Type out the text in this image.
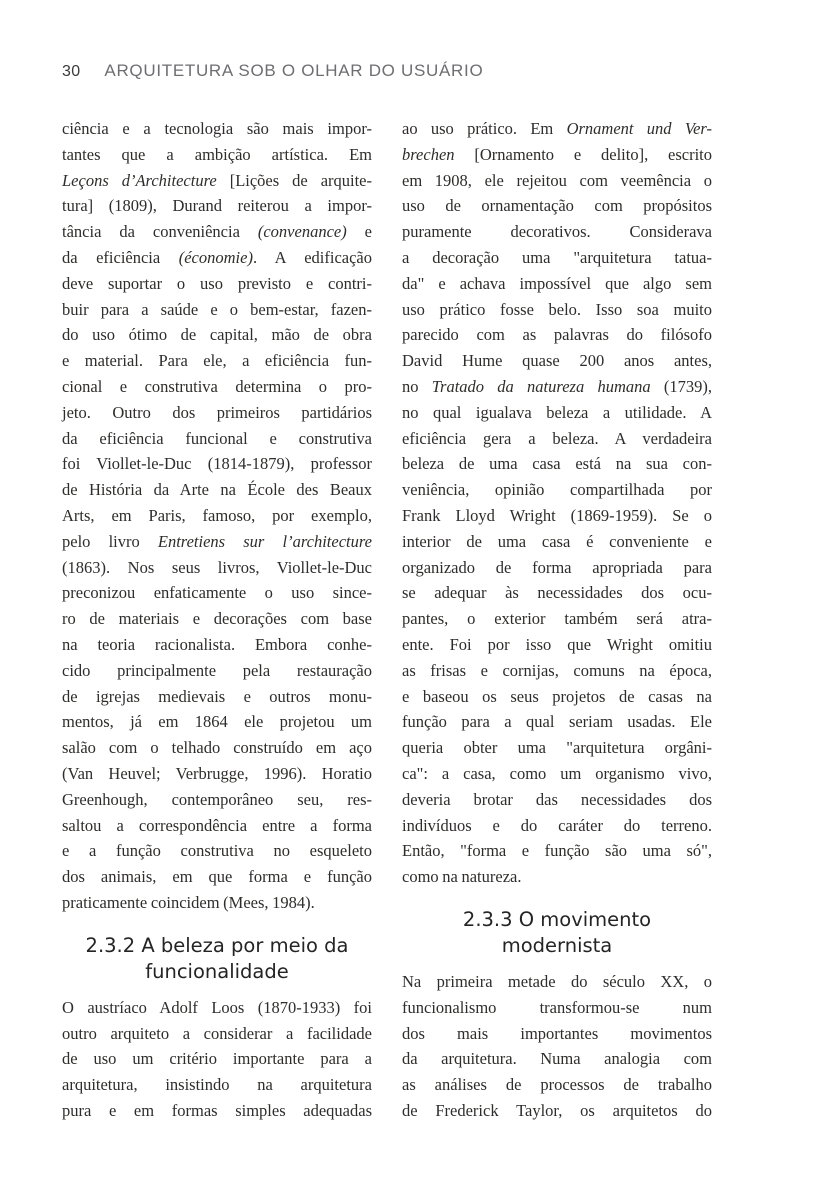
30 ARQUITETURA SOB O OLHAR DO USUÁRIO
ciência e a tecnologia são mais impor-
tantes que a ambição artística. Em
Leçons d’Architecture [Lições de arquite-
tura] (1809), Durand reiterou a impor-
tância da conveniência (convenance) e
da eficiência (économie). A edificação
deve suportar o uso previsto e contri-
buir para a saúde e o bem-estar, fazen-
do uso ótimo de capital, mão de obra
e material. Para ele, a eficiência fun-
cional e construtiva determina o pro-
jeto. Outro dos primeiros partidários
da eficiência funcional e construtiva
foi Viollet-le-Duc (1814-1879), professor
de História da Arte na École des Beaux
Arts, em Paris, famoso, por exemplo,
pelo livro Entretiens sur l’architecture
(1863). Nos seus livros, Viollet-le-Duc
preconizou enfaticamente o uso since-
ro de materiais e decorações com base
na teoria racionalista. Embora conhe-
cido principalmente pela restauração
de igrejas medievais e outros monu-
mentos, já em 1864 ele projetou um
salão com o telhado construído em aço
(Van Heuvel; Verbrugge, 1996). Horatio
Greenhough, contemporâneo seu, res-
saltou a correspondência entre a forma
e a função construtiva no esqueleto
dos animais, em que forma e função
praticamente coincidem (Mees, 1984).
2.3.2 A beleza por meio da
funcionalidade
O austríaco Adolf Loos (1870-1933) foi
outro arquiteto a considerar a facilidade
de uso um critério importante para a
arquitetura, insistindo na arquitetura
pura e em formas simples adequadas
ao uso prático. Em Ornament und Ver-
brechen [Ornamento e delito], escrito
em 1908, ele rejeitou com veemência o
uso de ornamentação com propósitos
puramente decorativos. Considerava
a decoração uma "arquitetura tatua-
da" e achava impossível que algo sem
uso prático fosse belo. Isso soa muito
parecido com as palavras do filósofo
David Hume quase 200 anos antes,
no Tratado da natureza humana (1739),
no qual igualava beleza a utilidade. A
eficiência gera a beleza. A verdadeira
beleza de uma casa está na sua con-
veniência, opinião compartilhada por
Frank Lloyd Wright (1869-1959). Se o
interior de uma casa é conveniente e
organizado de forma apropriada para
se adequar às necessidades dos ocu-
pantes, o exterior também será atra-
ente. Foi por isso que Wright omitiu
as frisas e cornijas, comuns na época,
e baseou os seus projetos de casas na
função para a qual seriam usadas. Ele
queria obter uma "arquitetura orgâni-
ca": a casa, como um organismo vivo,
deveria brotar das necessidades dos
indivíduos e do caráter do terreno.
Então, "forma e função são uma só",
como na natureza.
2.3.3 O movimento
modernista
Na primeira metade do século XX, o
funcionalismo transformou-se num
dos mais importantes movimentos
da arquitetura. Numa analogia com
as análises de processos de trabalho
de Frederick Taylor, os arquitetos do
